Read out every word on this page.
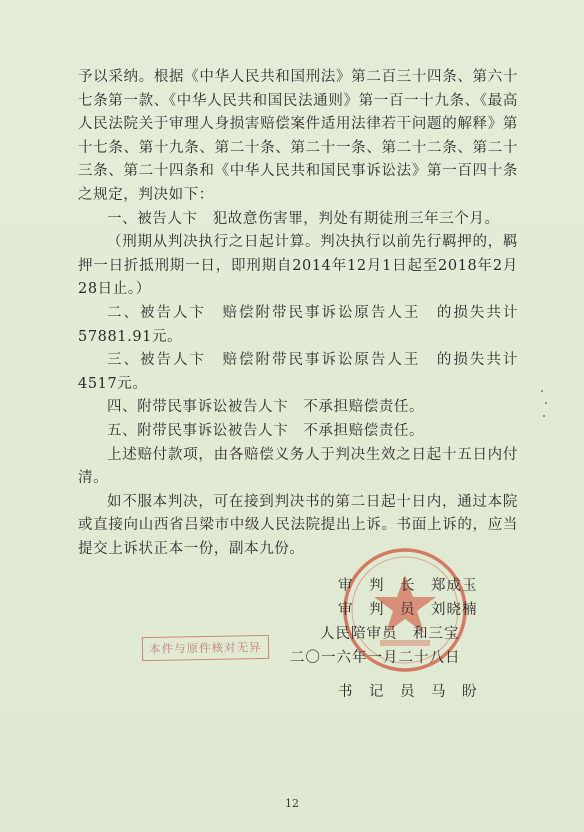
予以采纳。根据《中华人民共和国刑法》第二百三十四条、第六十七条第一款、《中华人民共和国民法通则》第一百一十九条、《最高人民法院关于审理人身损害赔偿案件适用法律若干问题的解释》第十七条、第十九条、第二十条、第二十一条、第二十二条、第二十三条、第二十四条和《中华人民共和国民事诉讼法》第一百四十条之规定，判决如下：

一、被告人卞　犯故意伤害罪，判处有期徒刑三年三个月。

（刑期从判决执行之日起计算。判决执行以前先行羁押的，羁押一日折抵刑期一日，即刑期自2014年12月1日起至2018年2月28日止。）

二、被告人卞　赔偿附带民事诉讼原告人王　的损失共计57881.91元。

三、被告人卞　赔偿附带民事诉讼原告人王　的损失共计4517元。

四、附带民事诉讼被告人卞　不承担赔偿责任。

五、附带民事诉讼被告人卞　不承担赔偿责任。

上述赔付款项，由各赔偿义务人于判决生效之日起十五日内付清。

如不服本判决，可在接到判决书的第二日起十日内，通过本院或直接向山西省吕梁市中级人民法院提出上诉。书面上诉的，应当提交上诉状正本一份，副本九份。

审　判　长　郑成玉
审　判　员　刘晓楠
人民陪审员　和三宝
二〇一六年一月二十八日
书　记　员　马　盼
本件与原件核对无异
12
